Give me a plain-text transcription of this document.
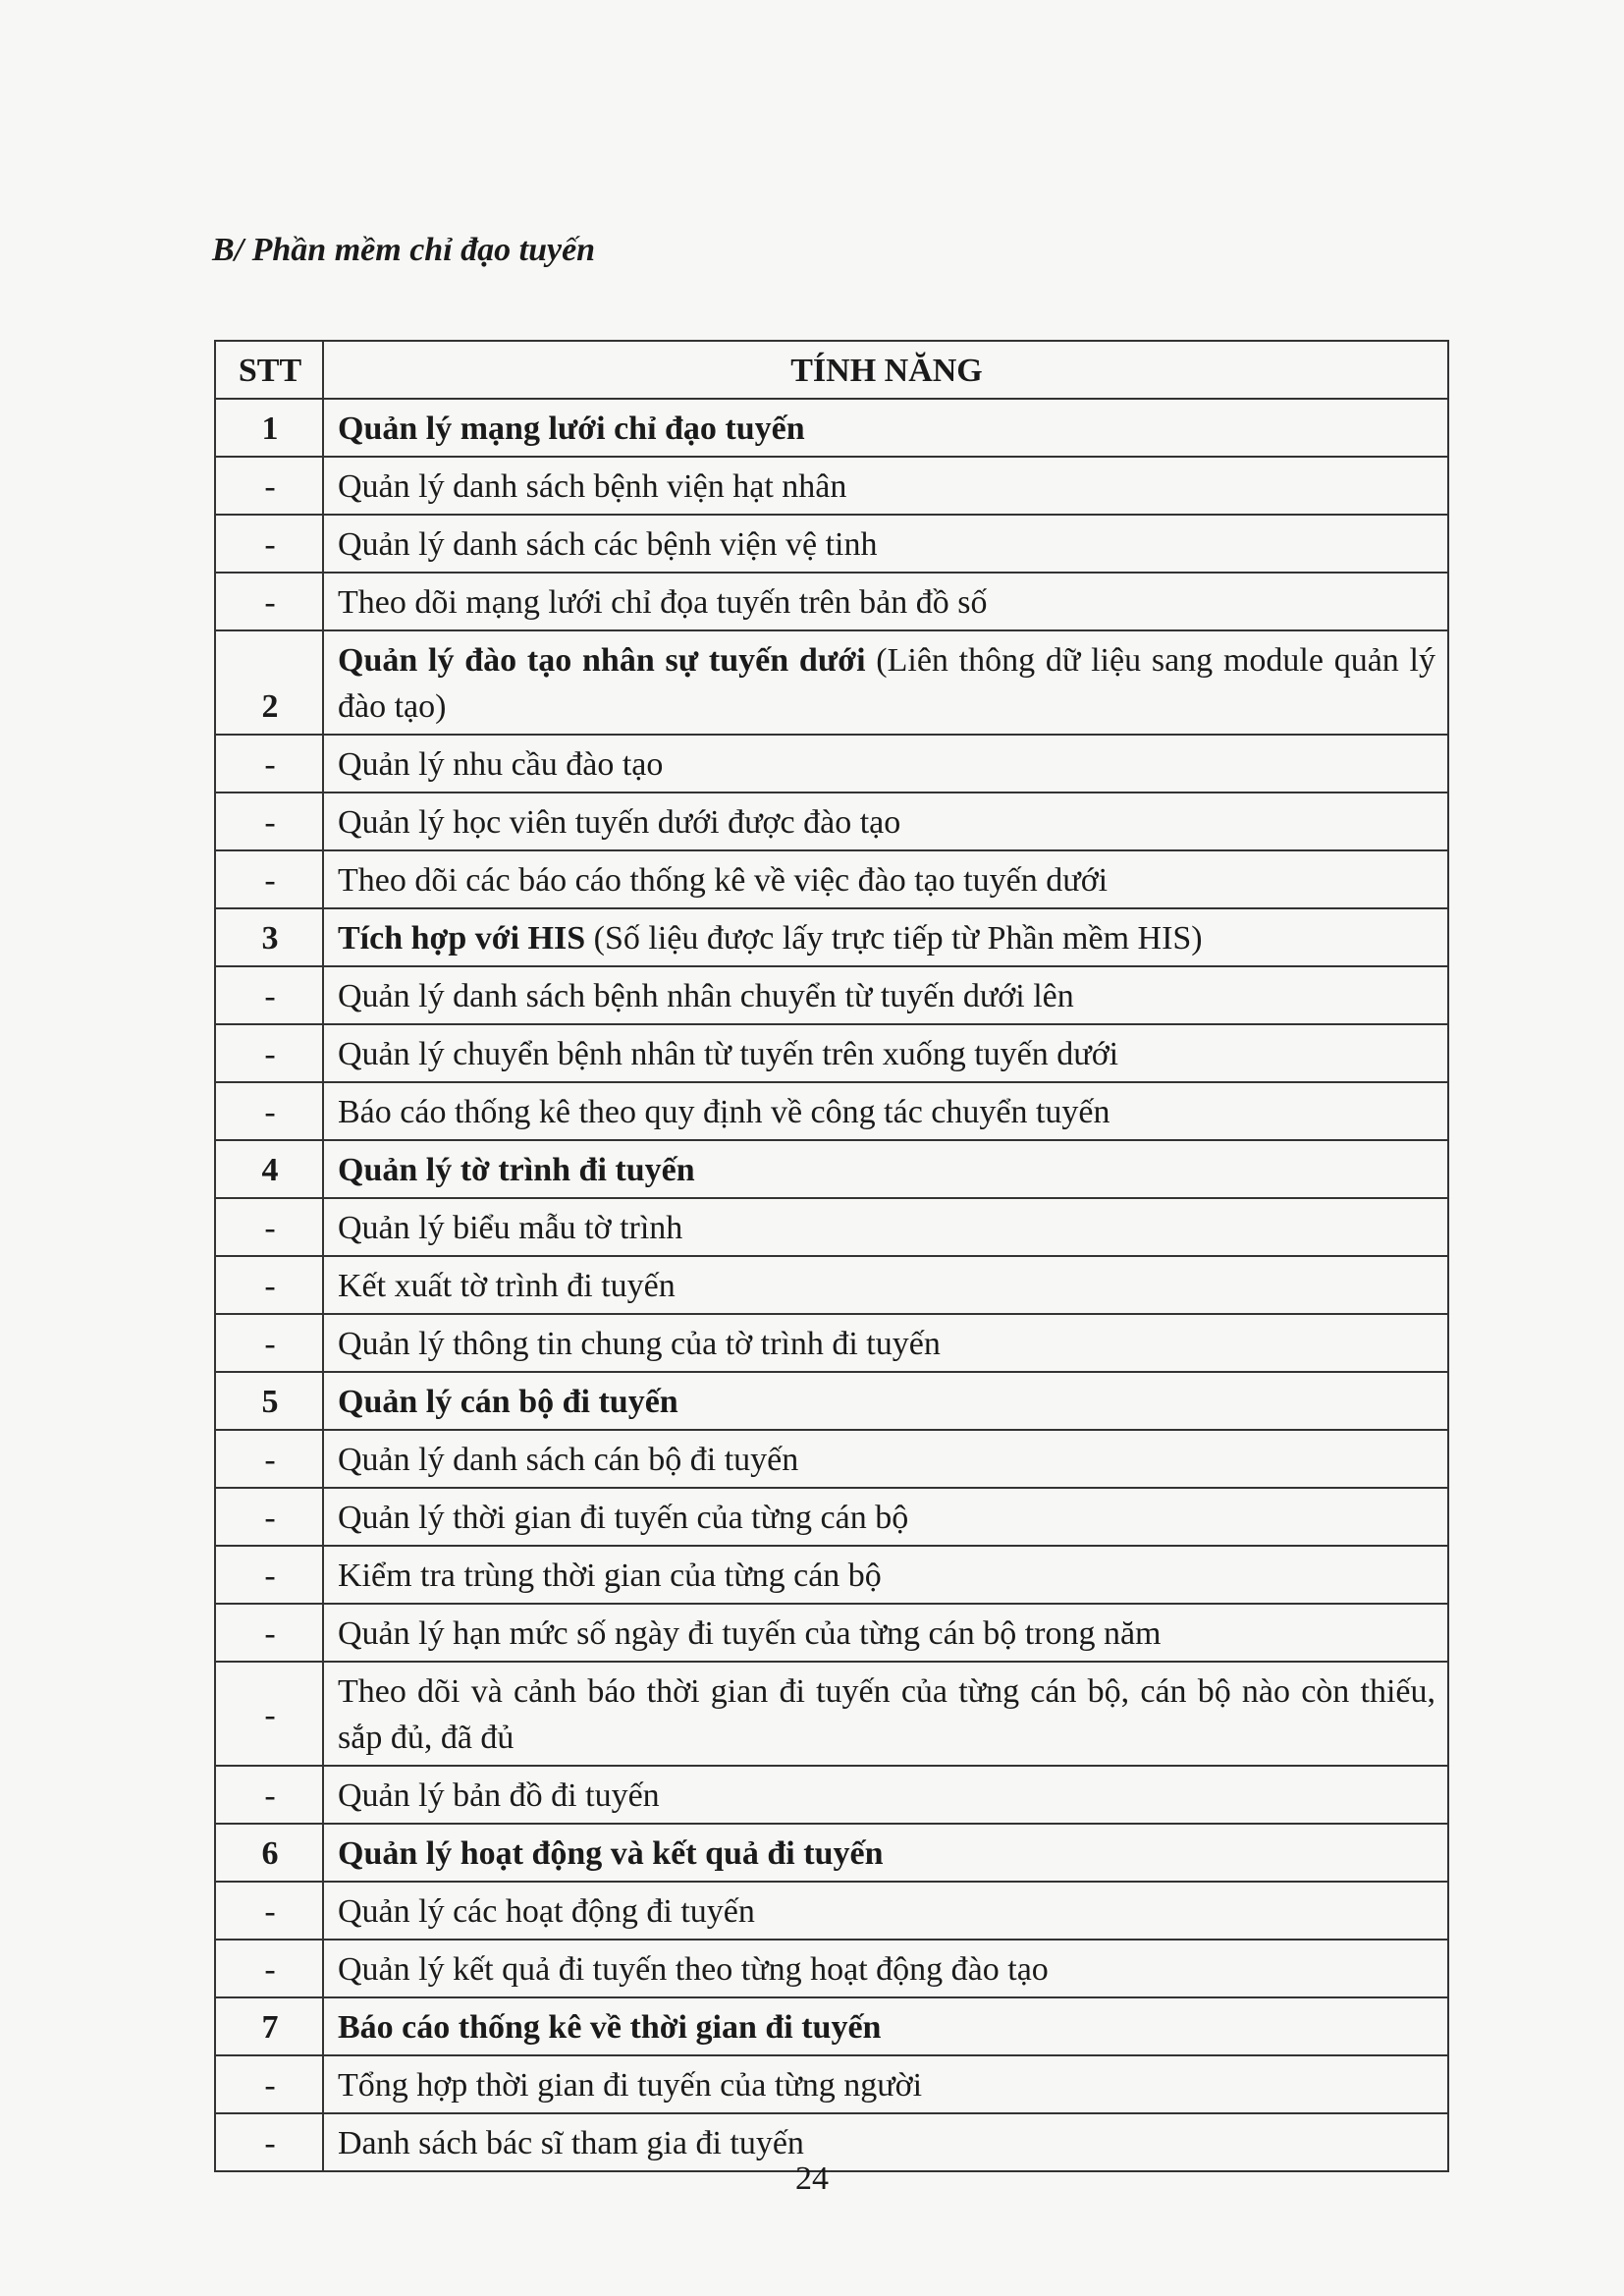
B/ Phần mềm chỉ đạo tuyến
STT	TÍNH NĂNG
1	Quản lý mạng lưới chỉ đạo tuyến
-	Quản lý danh sách bệnh viện hạt nhân
-	Quản lý danh sách các bệnh viện vệ tinh
-	Theo dõi mạng lưới chỉ đọa tuyến trên bản đồ số
2	Quản lý đào tạo nhân sự tuyến dưới (Liên thông dữ liệu sang module quản lý đào tạo)
-	Quản lý nhu cầu đào tạo
-	Quản lý học viên tuyến dưới được đào tạo
-	Theo dõi các báo cáo thống kê về việc đào tạo tuyến dưới
3	Tích hợp với HIS (Số liệu được lấy trực tiếp từ Phần mềm HIS)
-	Quản lý danh sách bệnh nhân chuyển từ tuyến dưới lên
-	Quản lý chuyển bệnh nhân từ tuyến trên xuống tuyến dưới
-	Báo cáo thống kê theo quy định về công tác chuyển tuyến
4	Quản lý tờ trình đi tuyến
-	Quản lý biểu mẫu tờ trình
-	Kết xuất tờ trình đi tuyến
-	Quản lý thông tin chung của tờ trình đi tuyến
5	Quản lý cán bộ đi tuyến
-	Quản lý danh sách cán bộ đi tuyến
-	Quản lý thời gian đi tuyến của từng cán bộ
-	Kiểm tra trùng thời gian của từng cán bộ
-	Quản lý hạn mức số ngày đi tuyến của từng cán bộ trong năm
-	Theo dõi và cảnh báo thời gian đi tuyến của từng cán bộ, cán bộ nào còn thiếu, sắp đủ, đã đủ
-	Quản lý bản đồ đi tuyến
6	Quản lý hoạt động và kết quả đi tuyến
-	Quản lý các hoạt động đi tuyến
-	Quản lý kết quả đi tuyến theo từng hoạt động đào tạo
7	Báo cáo thống kê về thời gian đi tuyến
-	Tổng hợp thời gian đi tuyến của từng người
-	Danh sách bác sĩ tham gia đi tuyến
24
